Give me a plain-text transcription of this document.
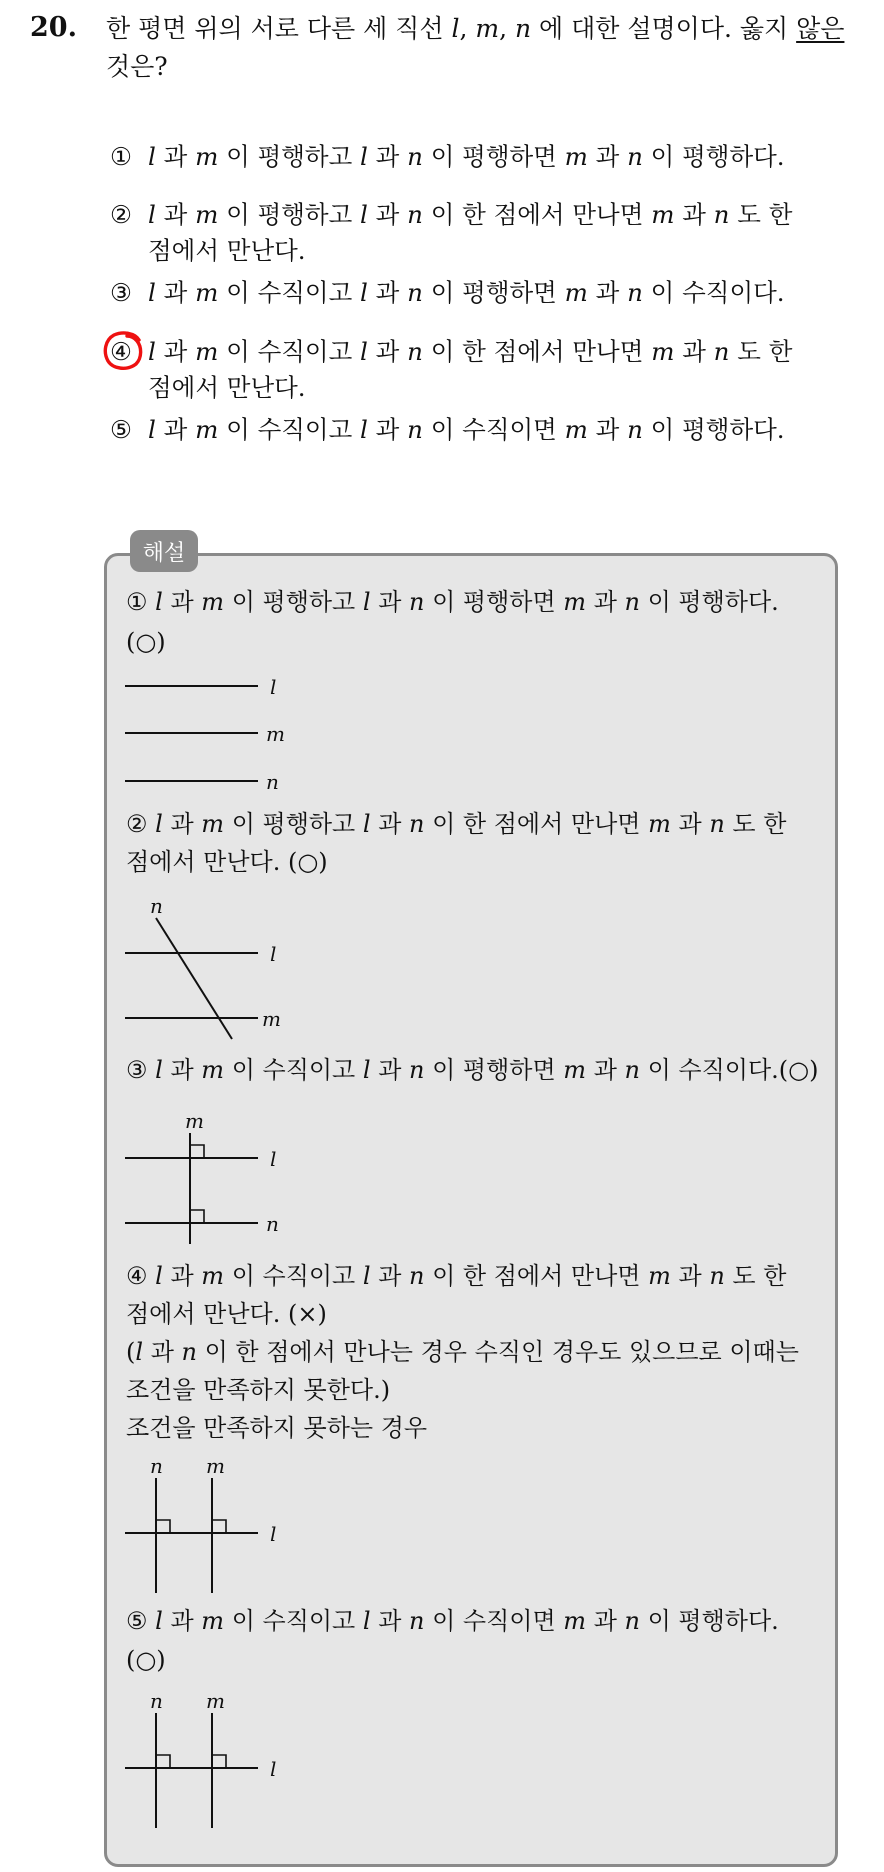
20. 한 평면 위의 서로 다른 세 직선 l, m, n 에 대한 설명이다. 옳지 않은
것은?
① l 과 m 이 평행하고 l 과 n 이 평행하면 m 과 n 이 평행하다.
② l 과 m 이 평행하고 l 과 n 이 한 점에서 만나면 m 과 n 도 한
점에서 만난다.
③ l 과 m 이 수직이고 l 과 n 이 평행하면 m 과 n 이 수직이다.
④ l 과 m 이 수직이고 l 과 n 이 한 점에서 만나면 m 과 n 도 한
점에서 만난다.
⑤ l 과 m 이 수직이고 l 과 n 이 수직이면 m 과 n 이 평행하다.
해설
① l 과 m 이 평행하고 l 과 n 이 평행하면 m 과 n 이 평행하다.
(○)
l
m
n
② l 과 m 이 평행하고 l 과 n 이 한 점에서 만나면 m 과 n 도 한
점에서 만난다. (○)
n
l
m
③ l 과 m 이 수직이고 l 과 n 이 평행하면 m 과 n 이 수직이다.(○)
m
l
n
④ l 과 m 이 수직이고 l 과 n 이 한 점에서 만나면 m 과 n 도 한
점에서 만난다. (×)
(l 과 n 이 한 점에서 만나는 경우 수직인 경우도 있으므로 이때는
조건을 만족하지 못한다.)
조건을 만족하지 못하는 경우
n m
l
⑤ l 과 m 이 수직이고 l 과 n 이 수직이면 m 과 n 이 평행하다.
(○)
n m
l
